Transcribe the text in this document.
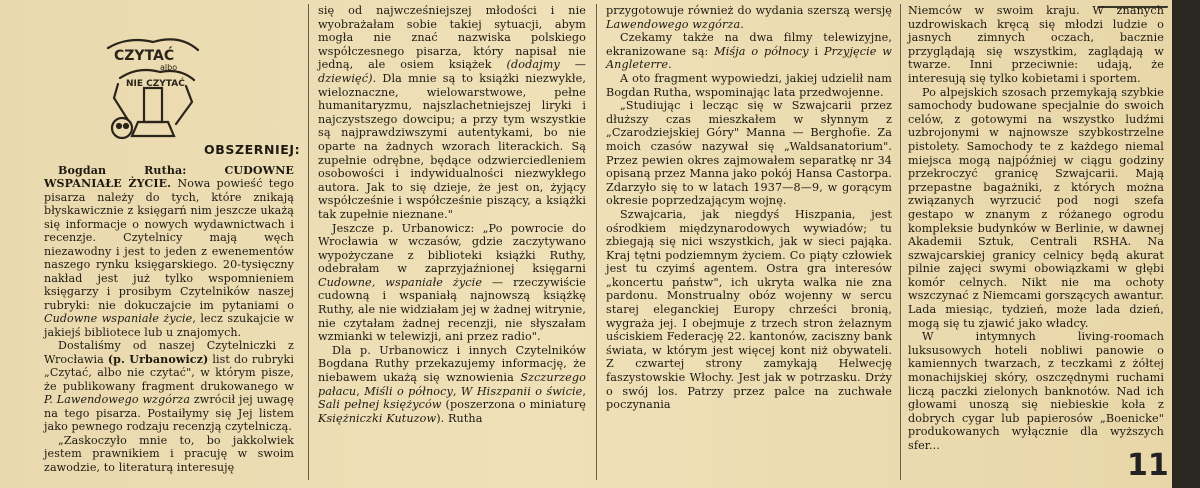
CZYTAĆ
albo
NIE CZYTAĆ
OBSZERNIEJ:

Bogdan Rutha: CUDOWNE WSPANIAŁE ŻYCIE. Nowa powieść tego pisarza należy do tych, które znikają błyskawicznie z księgarń nim jeszcze ukażą się informacje o nowych wydawnictwach i recenzje. Czytelnicy mają węch niezawodny i jest to jeden z ewenementów naszego rynku księgarskiego. 20-tysięczny nakład jest już tylko wspomnieniem księgarzy i prosibym Czytelników naszej rubryki: nie dokuczajcie im pytaniami o Cudowne wspaniałe życie, lecz szukajcie w jakiejś bibliotece lub u znajomych.

Dostaliśmy od naszej Czytelniczki z Wrocławia (p. Urbanowicz) list do rubryki „Czytać, albo nie czytać", w którym pisze, że publikowany fragment drukowanego w P. Lawendowego wzgórza zwrócił jej uwagę na tego pisarza. Postaiłymy się Jej listem jako pewnego rodzaju recenzją czytelniczą.

„Zaskoczyło mnie to, bo jakkolwiek jestem prawnikiem i pracuję w swoim zawodzie, to literaturą interesuję

się od najwcześniejszej młodości i nie wyobrażałam sobie takiej sytuacji, abym mogła nie znać nazwiska polskiego współczesnego pisarza, który napisał nie jedną, ale osiem książek (dodajmy — dziewięć). Dla mnie są to książki niezwykłe, wieloznaczne, wielowarstwowe, pełne humanitaryzmu, najszlachetniejszej liryki i najczystszego dowcipu; a przy tym wszystkie są najprawdziwszymi autentykami, bo nie oparte na żadnych wzorach literackich. Są zupełnie odrębne, będące odzwierciedleniem osobowości i indywidualności niezwykłego autora. Jak to się dzieje, że jest on, żyjący współcześnie i współcześnie piszący, a książki tak zupełnie nieznane."

Jeszcze p. Urbanowicz: „Po powrocie do Wrocławia w wczasów, gdzie zaczytywano wypożyczane z biblioteki książki Ruthy, odebrałam w zaprzyjaźnionej księgarni Cudowne, wspaniałe życie — rzeczywiście cudowną i wspaniałą najnowszą książkę Ruthy, ale nie widziałam jej w żadnej witrynie, nie czytałam żadnej recenzji, nie słyszałam wzmianki w telewizji, ani przez radio".

Dla p. Urbanowicz i innych Czytelników Bogdana Ruthy przekazujemy informację, że niebawem ukażą się wznowienia Szczurzego pałacu, Miśli o północy, W Hiszpanii o świcie, Sali pełnej księżyców (poszerzona o miniaturę Księżniczki Kutuzow). Rutha

przygotowuje również do wydania szerszą wersję Lawendowego wzgórza.

Czekamy także na dwa filmy telewizyjne, ekranizowane są: Miśja o północy i Przyjęcie w Angleterre.

A oto fragment wypowiedzi, jakiej udzielił nam Bogdan Rutha, wspominając lata przedwojenne.

„Studiując i lecząc się w Szwajcarii przez dłuższy czas mieszkałem w słynnym z „Czarodziejskiej Góry" Manna — Berghofie. Za moich czasów nazywał się „Waldsanatorium". Przez pewien okres zajmowałem separatkę nr 34 opisaną przez Manna jako pokój Hansa Castorpa. Zdarzyło się to w latach 1937—8—9, w gorącym okresie poprzedzającym wojnę.

Szwajcaria, jak niegdyś Hiszpania, jest ośrodkiem międzynarodowych wywiadów; tu zbiegają się nici wszystkich, jak w sieci pająka. Kraj tętni podziemnym życiem. Co piąty człowiek jest tu czyimś agentem. Ostra gra interesów „koncertu państw", ich ukryta walka nie zna pardonu. Monstrualny obóz wojenny w sercu starej eleganckiej Europy chrześci bronią, wygraża jej. I obejmuje z trzech stron żelaznym uściskiem Federację 22. kantonów, zaciszny bank świata, w którym jest więcej kont niż obywateli. Z czwartej strony zamykają Helwecję faszystowskie Włochy. Jest jak w potrzasku. Drży o swój los. Patrzy przez palce na zuchwałe poczynania

Niemców w swoim kraju. W znanych uzdrowiskach kręcą się młodzi ludzie o jasnych zimnych oczach, bacznie przyglądają się wszystkim, zaglądają w twarze. Inni przeciwnie: udają, że interesują się tylko kobietami i sportem.

Po alpejskich szosach przemykają szybkie samochody budowane specjalnie do swoich celów, z gotowymi na wszystko ludźmi uzbrojonymi w najnowsze szybkostrzelne pistolety. Samochody te z każdego niemal miejsca mogą najpóźniej w ciągu godziny przekroczyć granicę Szwajcarii. Mają przepastne bagażniki, z których można związanych wyrzucić pod nogi szefa gestapo w znanym z różanego ogrodu kompleksie budynków w Berlinie, w dawnej Akademii Sztuk, Centrali RSHA. Na szwajcarskiej granicy celnicy będą akurat pilnie zajęci swymi obowiązkami w głębi komór celnych. Nikt nie ma ochoty wszczynać z Niemcami gorszących awantur. Lada miesiąc, tydzień, może lada dzień, mogą się tu zjawić jako władcy.

W intymnych living-roomach luksusowych hoteli nobliwi panowie o kamiennych twarzach, z teczkami z żółtej monachijskiej skóry, oszczędnymi ruchami liczą paczki zielonych banknotów. Nad ich głowami unoszą się niebieskie koła z dobrych cygar lub papierosów „Boenicke" produkowanych wyłącznie dla wyższych sfer...

11
